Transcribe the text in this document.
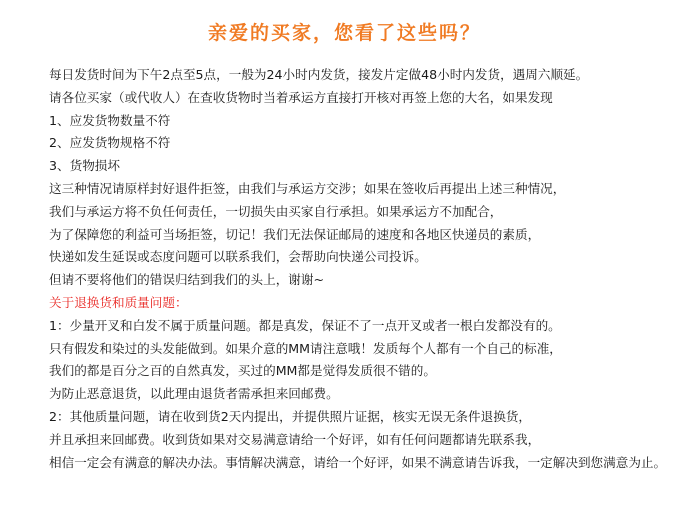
亲爱的买家，您看了这些吗？
每日发货时间为下午2点至5点，一般为24小时内发货，接发片定做48小时内发货，遇周六顺延。
请各位买家（或代收人）在查收货物时当着承运方直接打开核对再签上您的大名，如果发现
1、应发货物数量不符
2、应发货物规格不符
3、货物损坏
这三种情况请原样封好退件拒签，由我们与承运方交涉；如果在签收后再提出上述三种情况，
我们与承运方将不负任何责任，一切损失由买家自行承担。如果承运方不加配合，
为了保障您的利益可当场拒签，切记！我们无法保证邮局的速度和各地区快递员的素质，
快递如发生延误或态度问题可以联系我们，会帮助向快递公司投诉。
但请不要将他们的错误归结到我们的头上，谢谢~
关于退换货和质量问题：
1：少量开叉和白发不属于质量问题。都是真发，保证不了一点开叉或者一根白发都没有的。
只有假发和染过的头发能做到。如果介意的MM请注意哦！发质每个人都有一个自己的标准，
我们的都是百分之百的自然真发，买过的MM都是觉得发质很不错的。
为防止恶意退货，以此理由退货者需承担来回邮费。
2：其他质量问题，请在收到货2天内提出，并提供照片证据，核实无误无条件退换货，
并且承担来回邮费。收到货如果对交易满意请给一个好评，如有任何问题都请先联系我，
相信一定会有满意的解决办法。事情解决满意，请给一个好评，如果不满意请告诉我，一定解决到您满意为止。
